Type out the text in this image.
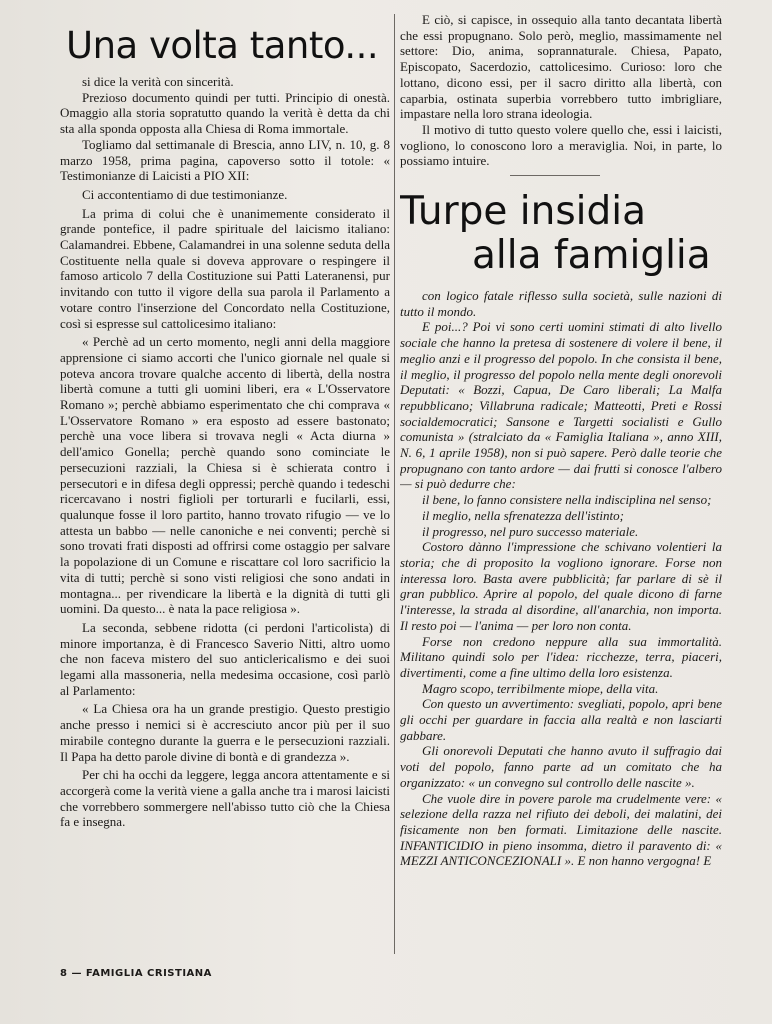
Una volta tanto...

si dice la verità con sincerità.

Prezioso documento quindi per tutti. Principio di onestà. Omaggio alla storia sopratutto quando la verità è detta da chi sta alla sponda opposta alla Chiesa di Roma immortale.

Togliamo dal settimanale di Brescia, anno LIV, n. 10, g. 8 marzo 1958, prima pagina, capoverso sotto il totole: « Testimonianze di Laicisti a PIO XII:

Ci accontentiamo di due testimonianze.

La prima di colui che è unanimemente considerato il grande pontefice, il padre spirituale del laicismo italiano: Calamandrei. Ebbene, Calamandrei in una solenne seduta della Costituente nella quale si doveva approvare o respingere il famoso articolo 7 della Costituzione sui Patti Lateranensi, pur invitando con tutto il vigore della sua parola il Parlamento a votare contro l'inserzione del Concordato nella Costituzione, così si espresse sul cattolicesimo italiano:

« Perchè ad un certo momento, negli anni della maggiore apprensione ci siamo accorti che l'unico giornale nel quale si poteva ancora trovare qualche accento di libertà, della nostra libertà comune a tutti gli uomini liberi, era « L'Osservatore Romano »; perchè abbiamo esperimentato che chi comprava « L'Osservatore Romano » era esposto ad essere bastonato; perchè una voce libera si trovava negli « Acta diurna » dell'amico Gonella; perchè quando sono cominciate le persecuzioni razziali, la Chiesa si è schierata contro i persecutori e in difesa degli oppressi; perchè quando i tedeschi ricercavano i nostri figlioli per torturarli e fucilarli, essi, qualunque fosse il loro partito, hanno trovato rifugio — ve lo attesta un babbo — nelle canoniche e nei conventi; perchè si sono trovati frati disposti ad offrirsi come ostaggio per salvare la popolazione di un Comune e riscattare col loro sacrificio la vita di tutti; perchè si sono visti religiosi che sono andati in montagna... per rivendicare la libertà e la dignità di tutti gli uomini. Da questo... è nata la pace religiosa ».

La seconda, sebbene ridotta (ci perdoni l'articolista) di minore importanza, è di Francesco Saverio Nitti, altro uomo che non faceva mistero del suo anticlericalismo e dei suoi legami alla massoneria, nella medesima occasione, così parlò al Parlamento:

« La Chiesa ora ha un grande prestigio. Questo prestigio anche presso i nemici si è accresciuto ancor più per il suo mirabile contegno durante la guerra e le persecuzioni razziali. Il Papa ha detto parole divine di bontà e di grandezza ».

Per chi ha occhi da leggere, legga ancora attentamente e si accorgerà come la verità viene a galla anche tra i marosi laicisti che vorrebbero sommergere nell'abisso tutto ciò che la Chiesa fa e insegna.

E ciò, si capisce, in ossequio alla tanto decantata libertà che essi propugnano. Solo però, meglio, massimamente nel settore: Dio, anima, soprannaturale. Chiesa, Papato, Episcopato, Sacerdozio, cattolicesimo. Curioso: loro che lottano, dicono essi, per il sacro diritto alla libertà, con caparbia, ostinata superbia vorrebbero tutto imbrigliare, impastare nella loro strana ideologia.

Il motivo di tutto questo volere quello che, essi i laicisti, vogliono, lo conoscono loro a meraviglia. Noi, in parte, lo possiamo intuire.

Turpe insidia
alla famiglia

con logico fatale riflesso sulla società, sulle nazioni di tutto il mondo.

E poi...? Poi vi sono certi uomini stimati di alto livello sociale che hanno la pretesa di sostenere di volere il bene, il meglio anzi e il progresso del popolo. In che consista il bene, il meglio, il progresso del popolo nella mente degli onorevoli Deputati: « Bozzi, Capua, De Caro liberali; La Malfa repubblicano; Villabruna radicale; Matteotti, Preti e Rossi socialdemocratici; Sansone e Targetti socialisti e Gullo comunista » (stralciato da « Famiglia Italiana », anno XIII, N. 6, 1 aprile 1958), non si può sapere. Però dalle teorie che propugnano con tanto ardore — dai frutti si conosce l'albero — si può dedurre che:

il bene, lo fanno consistere nella indisciplina nel senso;

il meglio, nella sfrenatezza dell'istinto;

il progresso, nel puro successo materiale.

Costoro dànno l'impressione che schivano volentieri la storia; che di proposito la vogliono ignorare. Forse non interessa loro. Basta avere pubblicità; far parlare di sè il gran pubblico. Aprire al popolo, del quale dicono di farne l'interesse, la strada al disordine, all'anarchia, non importa. Il resto poi — l'anima — per loro non conta.

Forse non credono neppure alla sua immortalità. Militano quindi solo per l'idea: ricchezze, terra, piaceri, divertimenti, come a fine ultimo della loro esistenza.

Magro scopo, terribilmente miope, della vita.

Con questo un avvertimento: svegliati, popolo, apri bene gli occhi per guardare in faccia alla realtà e non lasciarti gabbare.

Gli onorevoli Deputati che hanno avuto il suffragio dai voti del popolo, fanno parte ad un comitato che ha organizzato: « un convegno sul controllo delle nascite ».

Che vuole dire in povere parole ma crudelmente vere: « selezione della razza nel rifiuto dei deboli, dei malatini, dei fisicamente non ben formati. Limitazione delle nascite. INFANTICIDIO in pieno insomma, dietro il paravento di: « MEZZI ANTICONCEZIONALI ». E non hanno vergogna! E

8 — FAMIGLIA CRISTIANA
